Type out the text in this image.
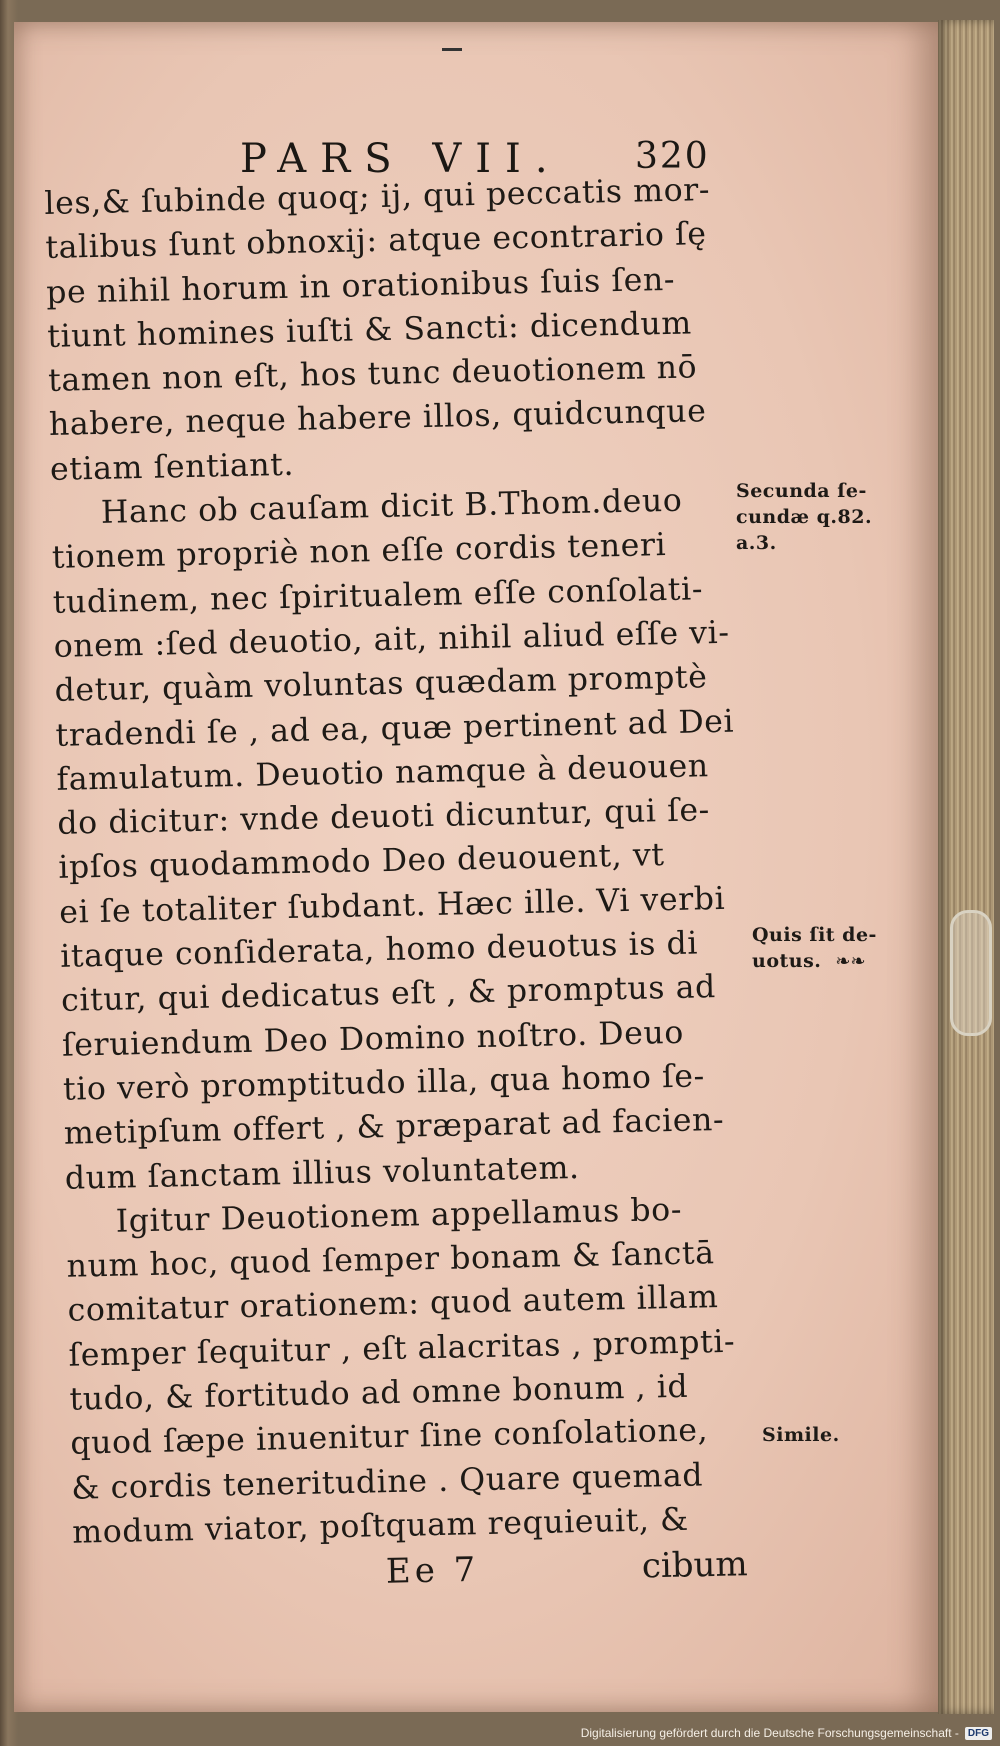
PARS VII. 320
les,& ſubinde quoq; ij, qui peccatis mor-
talibus ſunt obnoxij: atque econtrario ſę
pe nihil horum in orationibus ſuis ſen-
tiunt homines iuſti & Sancti: dicendum
tamen non eſt, hos tunc deuotionem nō
habere, neque habere illos, quidcunque
etiam ſentiant.
Hanc ob cauſam dicit B.Thom.deuo
tionem propriè non eſſe cordis teneri
tudinem, nec ſpiritualem eſſe conſolati-
onem :ſed deuotio, ait, nihil aliud eſſe vi-
detur, quàm voluntas quædam promptè
tradendi ſe , ad ea, quæ pertinent ad Dei
famulatum. Deuotio namque à deuouen
do dicitur: vnde deuoti dicuntur, qui ſe-
ipſos quodammodo Deo deuouent, vt
ei ſe totaliter ſubdant. Hæc ille. Vi verbi
itaque conſiderata, homo deuotus is di
citur, qui dedicatus eſt , & promptus ad
ſeruiendum Deo Domino noſtro. Deuo
tio verò promptitudo illa, qua homo ſe-
metipſum offert , & præparat ad facien-
dum ſanctam illius voluntatem.
Igitur Deuotionem appellamus bo-
num hoc, quod ſemper bonam & ſanctā
comitatur orationem: quod autem illam
ſemper ſequitur , eſt alacritas , prompti-
tudo, & fortitudo ad omne bonum , id
quod ſæpe inuenitur ſine conſolatione,
& cordis teneritudine . Quare quemad
modum viator, poſtquam requieuit, &
Secunda ſe-
cundæ q.82.
a.3.
Quis ſit de-
uotus. ❧❧
Simile.
Ee 7	cibum
Digitalisierung gefördert durch die Deutsche Forschungsgemeinschaft - DFG
